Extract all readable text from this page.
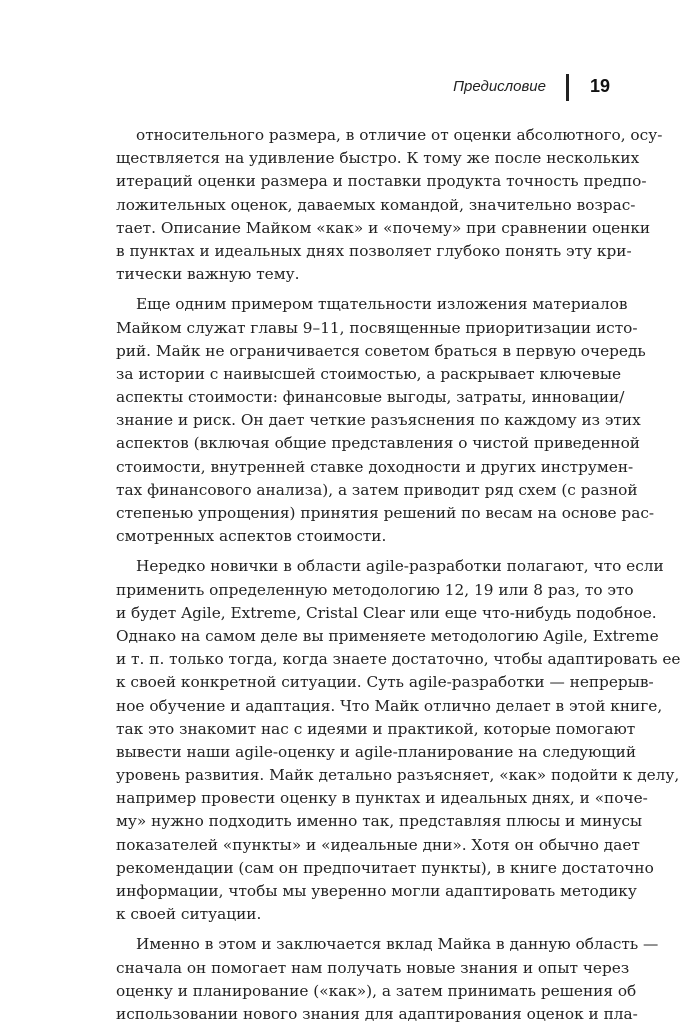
Предисловие 19
относительного размера, в отличие от оценки абсолютного, осу-
ществляется на удивление быстро. К тому же после нескольких
итераций оценки размера и поставки продукта точность предпо-
ложительных оценок, даваемых командой, значительно возрас-
тает. Описание Майком «как» и «почему» при сравнении оценки
в пунктах и идеальных днях позволяет глубоко понять эту кри-
тически важную тему.
Еще одним примером тщательности изложения материалов
Майком служат главы 9–11, посвященные приоритизации исто-
рий. Майк не ограничивается советом браться в первую очередь
за истории с наивысшей стоимостью, а раскрывает ключевые
аспекты стоимости: финансовые выгоды, затраты, инновации/
знание и риск. Он дает четкие разъяснения по каждому из этих
аспектов (включая общие представления о чистой приведенной
стоимости, внутренней ставке доходности и других инструмен-
тах финансового анализа), а затем приводит ряд схем (с разной
степенью упрощения) принятия решений по весам на основе рас-
смотренных аспектов стоимости.
Нередко новички в области agile-разработки полагают, что если
применить определенную методологию 12, 19 или 8 раз, то это
и будет Agile, Extreme, Cristal Clear или еще что-нибудь подобное.
Однако на самом деле вы применяете методологию Agile, Extreme
и т. п. только тогда, когда знаете достаточно, чтобы адаптировать ее
к своей конкретной ситуации. Суть agile-разработки — непрерыв-
ное обучение и адаптация. Что Майк отлично делает в этой книге,
так это знакомит нас с идеями и практикой, которые помогают
вывести наши agile-оценку и agile-планирование на следующий
уровень развития. Майк детально разъясняет, «как» подойти к делу,
например провести оценку в пунктах и идеальных днях, и «поче-
му» нужно подходить именно так, представляя плюсы и минусы
показателей «пункты» и «идеальные дни». Хотя он обычно дает
рекомендации (сам он предпочитает пункты), в книге достаточно
информации, чтобы мы уверенно могли адаптировать методику
к своей ситуации.
Именно в этом и заключается вклад Майка в данную область —
сначала он помогает нам получать новые знания и опыт через
оценку и планирование («как»), а затем принимать решения об
использовании нового знания для адаптирования оценок и пла-
